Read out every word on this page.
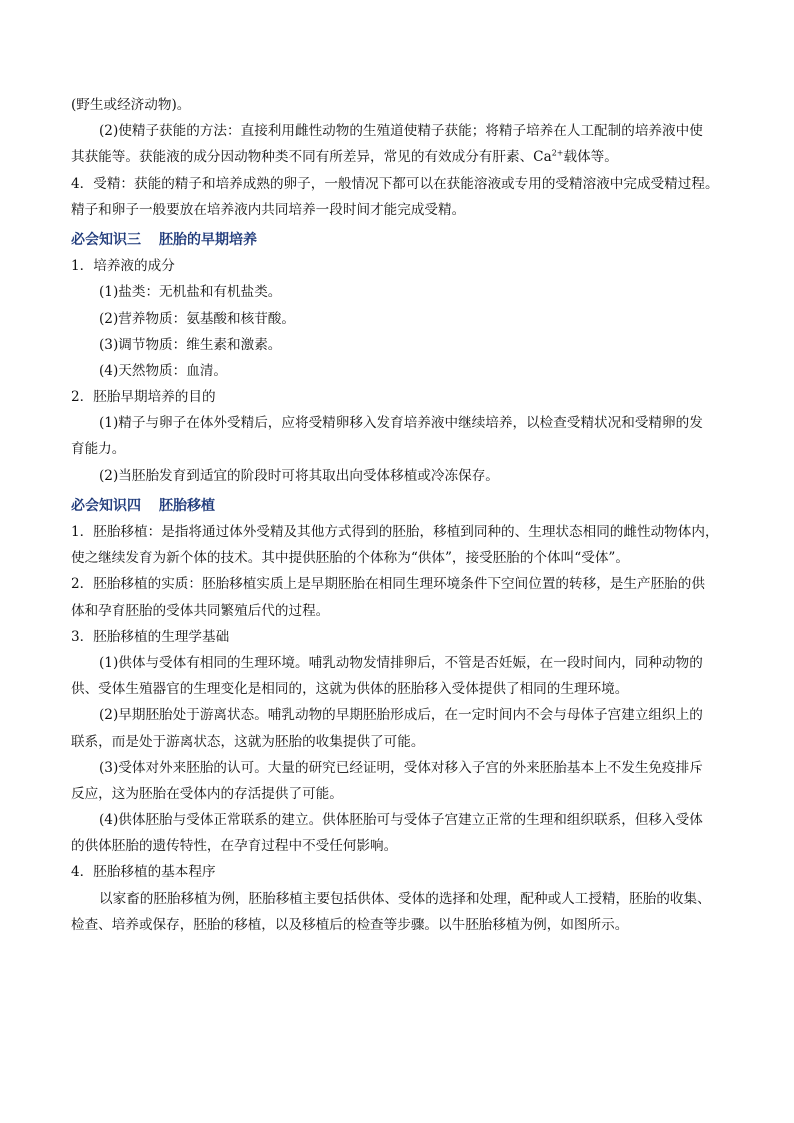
(野生或经济动物)。
(2)使精子获能的方法：直接利用雌性动物的生殖道使精子获能；将精子培养在人工配制的培养液中使
其获能等。获能液的成分因动物种类不同有所差异，常见的有效成分有肝素、$Ca^{2+}$载体等。
4．受精：获能的精子和培养成熟的卵子，一般情况下都可以在获能溶液或专用的受精溶液中完成受精过程。
精子和卵子一般要放在培养液内共同培养一段时间才能完成受精。
必会知识三 胚胎的早期培养
1．培养液的成分
(1)盐类：无机盐和有机盐类。
(2)营养物质：氨基酸和核苷酸。
(3)调节物质：维生素和激素。
(4)天然物质：血清。
2．胚胎早期培养的目的
(1)精子与卵子在体外受精后，应将受精卵移入发育培养液中继续培养，以检查受精状况和受精卵的发
育能力。
(2)当胚胎发育到适宜的阶段时可将其取出向受体移植或冷冻保存。
必会知识四 胚胎移植
1．胚胎移植：是指将通过体外受精及其他方式得到的胚胎，移植到同种的、生理状态相同的雌性动物体内，
使之继续发育为新个体的技术。其中提供胚胎的个体称为“供体”，接受胚胎的个体叫“受体”。
2．胚胎移植的实质：胚胎移植实质上是早期胚胎在相同生理环境条件下空间位置的转移，是生产胚胎的供
体和孕育胚胎的受体共同繁殖后代的过程。
3．胚胎移植的生理学基础
(1)供体与受体有相同的生理环境。哺乳动物发情排卵后，不管是否妊娠，在一段时间内，同种动物的
供、受体生殖器官的生理变化是相同的，这就为供体的胚胎移入受体提供了相同的生理环境。
(2)早期胚胎处于游离状态。哺乳动物的早期胚胎形成后，在一定时间内不会与母体子宫建立组织上的
联系，而是处于游离状态，这就为胚胎的收集提供了可能。
(3)受体对外来胚胎的认可。大量的研究已经证明，受体对移入子宫的外来胚胎基本上不发生免疫排斥
反应，这为胚胎在受体内的存活提供了可能。
(4)供体胚胎与受体正常联系的建立。供体胚胎可与受体子宫建立正常的生理和组织联系，但移入受体
的供体胚胎的遗传特性，在孕育过程中不受任何影响。
4．胚胎移植的基本程序
以家畜的胚胎移植为例，胚胎移植主要包括供体、受体的选择和处理，配种或人工授精，胚胎的收集、
检查、培养或保存，胚胎的移植，以及移植后的检查等步骤。以牛胚胎移植为例，如图所示。
